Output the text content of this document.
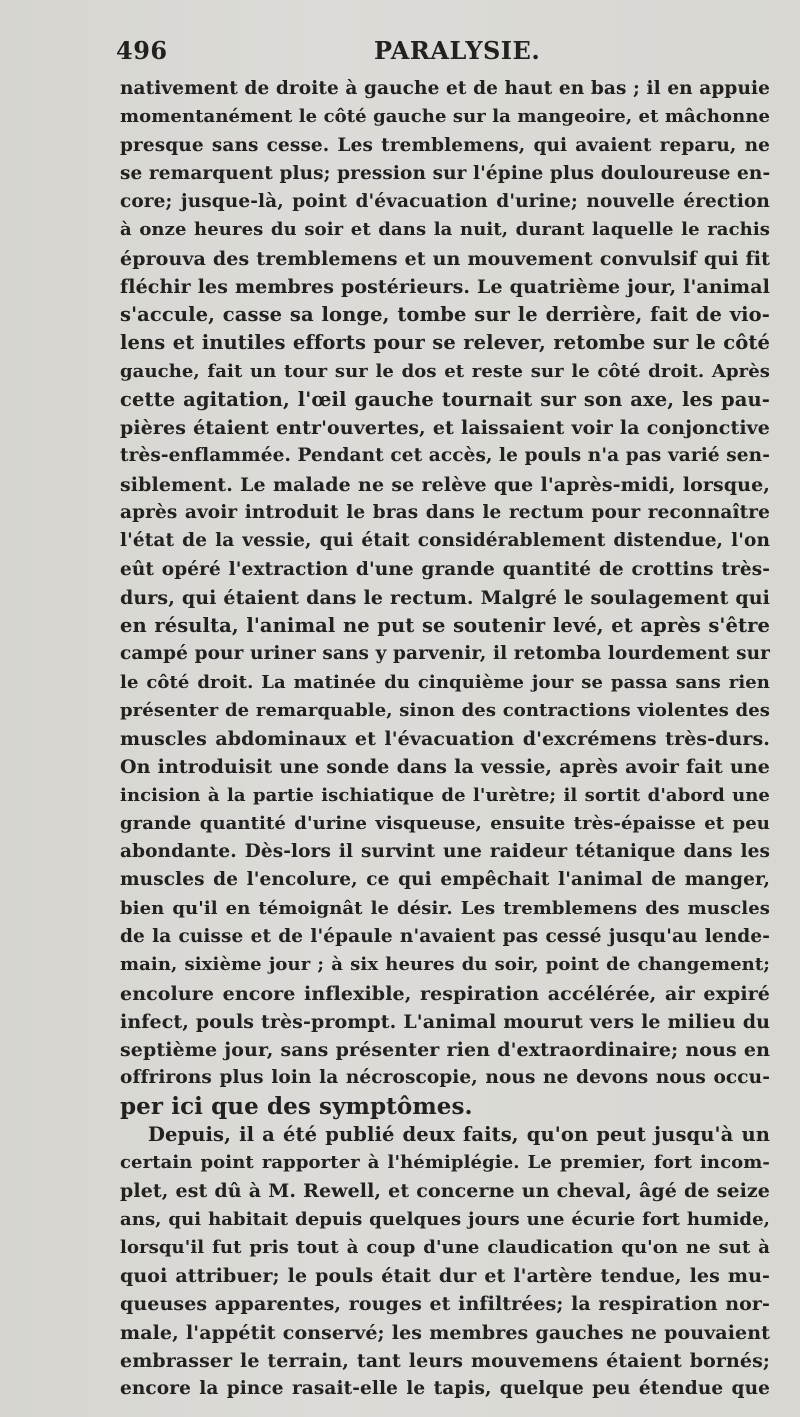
496	PARALYSIE.
nativement de droite à gauche et de haut en bas ; il en appuie
momentanément le côté gauche sur la mangeoire, et mâchonne
presque sans cesse. Les tremblemens, qui avaient reparu, ne
se remarquent plus; pression sur l'épine plus douloureuse en-
core; jusque-là, point d'évacuation d'urine; nouvelle érection
à onze heures du soir et dans la nuit, durant laquelle le rachis
éprouva des tremblemens et un mouvement convulsif qui fit
fléchir les membres postérieurs. Le quatrième jour, l'animal
s'accule, casse sa longe, tombe sur le derrière, fait de vio-
lens et inutiles efforts pour se relever, retombe sur le côté
gauche, fait un tour sur le dos et reste sur le côté droit. Après
cette agitation, l'œil gauche tournait sur son axe, les pau-
pières étaient entr'ouvertes, et laissaient voir la conjonctive
très-enflammée. Pendant cet accès, le pouls n'a pas varié sen-
siblement. Le malade ne se relève que l'après-midi, lorsque,
après avoir introduit le bras dans le rectum pour reconnaître
l'état de la vessie, qui était considérablement distendue, l'on
eût opéré l'extraction d'une grande quantité de crottins très-
durs, qui étaient dans le rectum. Malgré le soulagement qui
en résulta, l'animal ne put se soutenir levé, et après s'être
campé pour uriner sans y parvenir, il retomba lourdement sur
le côté droit. La matinée du cinquième jour se passa sans rien
présenter de remarquable, sinon des contractions violentes des
muscles abdominaux et l'évacuation d'excrémens très-durs.
On introduisit une sonde dans la vessie, après avoir fait une
incision à la partie ischiatique de l'urètre; il sortit d'abord une
grande quantité d'urine visqueuse, ensuite très-épaisse et peu
abondante. Dès-lors il survint une raideur tétanique dans les
muscles de l'encolure, ce qui empêchait l'animal de manger,
bien qu'il en témoignât le désir. Les tremblemens des muscles
de la cuisse et de l'épaule n'avaient pas cessé jusqu'au lende-
main, sixième jour ; à six heures du soir, point de changement;
encolure encore inflexible, respiration accélérée, air expiré
infect, pouls très-prompt. L'animal mourut vers le milieu du
septième jour, sans présenter rien d'extraordinaire; nous en
offrirons plus loin la nécroscopie, nous ne devons nous occu-
per ici que des symptômes.
Depuis, il a été publié deux faits, qu'on peut jusqu'à un
certain point rapporter à l'hémiplégie. Le premier, fort incom-
plet, est dû à M. Rewell, et concerne un cheval, âgé de seize
ans, qui habitait depuis quelques jours une écurie fort humide,
lorsqu'il fut pris tout à coup d'une claudication qu'on ne sut à
quoi attribuer; le pouls était dur et l'artère tendue, les mu-
queuses apparentes, rouges et infiltrées; la respiration nor-
male, l'appétit conservé; les membres gauches ne pouvaient
embrasser le terrain, tant leurs mouvemens étaient bornés;
encore la pince rasait-elle le tapis, quelque peu étendue que
